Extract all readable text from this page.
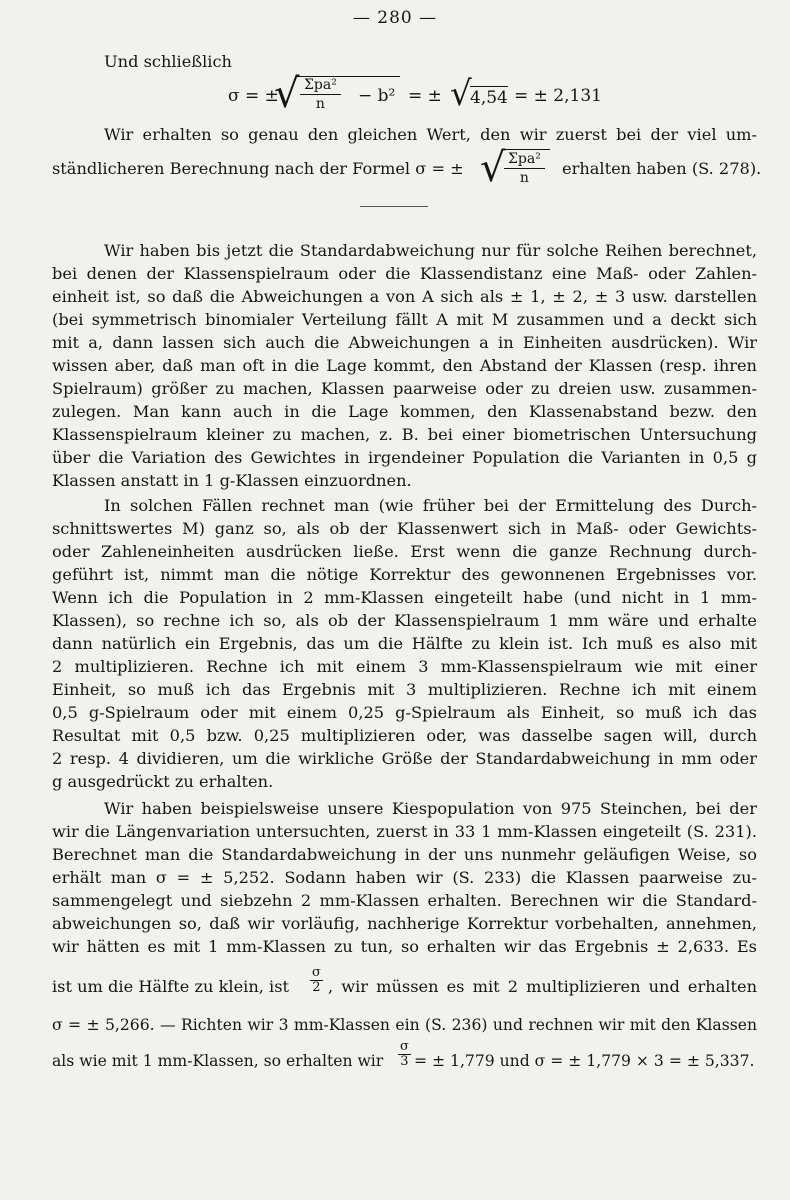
— 280 —
Und schließlich
σ = ±
√ Σpa²
n	− b² = ± √
4,54 = ± 2,131
Wir erhalten so genau den gleichen Wert, den wir zuerst bei der viel um-
ständlicheren Berechnung nach der Formel σ = ± √ Σpa²
n	erhalten haben (S. 278).
Wir haben bis jetzt die Standardabweichung nur für solche Reihen berechnet,
bei denen der Klassenspielraum oder die Klassendistanz eine Maß- oder Zahlen-
einheit ist, so daß die Abweichungen a von A sich als ± 1, ± 2, ± 3 usw. darstellen
(bei symmetrisch binomialer Verteilung fällt A mit M zusammen und a deckt sich
mit a, dann lassen sich auch die Abweichungen a in Einheiten ausdrücken). Wir
wissen aber, daß man oft in die Lage kommt, den Abstand der Klassen (resp. ihren
Spielraum) größer zu machen, Klassen paarweise oder zu dreien usw. zusammen-
zulegen. Man kann auch in die Lage kommen, den Klassenabstand bezw. den
Klassenspielraum kleiner zu machen, z. B. bei einer biometrischen Untersuchung
über die Variation des Gewichtes in irgendeiner Population die Varianten in 0,5 g
Klassen anstatt in 1 g-Klassen einzuordnen.
In solchen Fällen rechnet man (wie früher bei der Ermittelung des Durch-
schnittswertes M) ganz so, als ob der Klassenwert sich in Maß- oder Gewichts-
oder Zahleneinheiten ausdrücken ließe. Erst wenn die ganze Rechnung durch-
geführt ist, nimmt man die nötige Korrektur des gewonnenen Ergebnisses vor.
Wenn ich die Population in 2 mm-Klassen eingeteilt habe (und nicht in 1 mm-
Klassen), so rechne ich so, als ob der Klassenspielraum 1 mm wäre und erhalte
dann natürlich ein Ergebnis, das um die Hälfte zu klein ist. Ich muß es also mit
2 multiplizieren. Rechne ich mit einem 3 mm-Klassenspielraum wie mit einer
Einheit, so muß ich das Ergebnis mit 3 multiplizieren. Rechne ich mit einem
0,5 g-Spielraum oder mit einem 0,25 g-Spielraum als Einheit, so muß ich das
Resultat mit 0,5 bzw. 0,25 multiplizieren oder, was dasselbe sagen will, durch
2 resp. 4 dividieren, um die wirkliche Größe der Standardabweichung in mm oder
g ausgedrückt zu erhalten.
Wir haben beispielsweise unsere Kiespopulation von 975 Steinchen, bei der
wir die Längenvariation untersuchten, zuerst in 33 1 mm-Klassen eingeteilt (S. 231).
Berechnet man die Standardabweichung in der uns nunmehr geläufigen Weise, so
erhält man σ = ± 5,252. Sodann haben wir (S. 233) die Klassen paarweise zu-
sammengelegt und siebzehn 2 mm-Klassen erhalten. Berechnen wir die Standard-
abweichungen so, daß wir vorläufig, nachherige Korrektur vorbehalten, annehmen,
wir hätten es mit 1 mm-Klassen zu tun, so erhalten wir das Ergebnis ± 2,633. Es
ist um die Hälfte zu klein, ist $\frac{\sigma}{2}$ , wir müssen es mit 2 multiplizieren und erhalten
σ = ± 5,266. — Richten wir 3 mm-Klassen ein (S. 236) und rechnen wir mit den Klassen
als wie mit 1 mm-Klassen, so erhalten wir $\frac{\sigma}{3}$ = ± 1,779 und σ = ± 1,779 × 3 = ± 5,337.
